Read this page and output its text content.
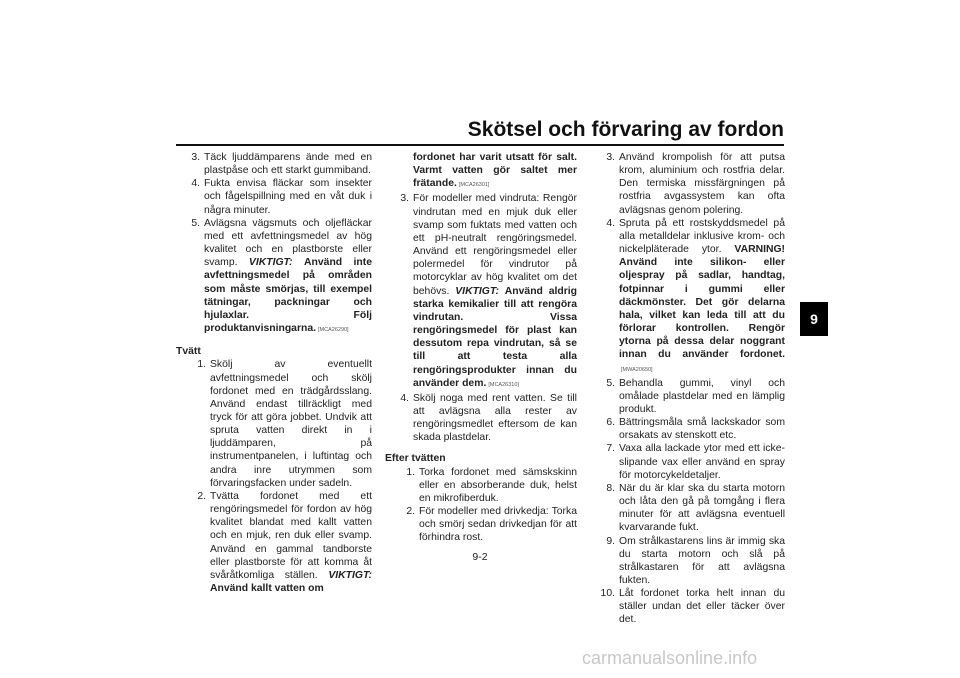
Skötsel och förvaring av fordon
9
3. Täck ljuddämparens ände med en plastpåse och ett starkt gummiband.
4. Fukta envisa fläckar som insekter och fågelspillning med en våt duk i några minuter.
5. Avlägsna vägsmuts och oljefläckar med ett avfettningsmedel av hög kvalitet och en plastborste eller svamp. VIKTIGT: Använd inte avfettningsmedel på områden som måste smörjas, till exempel tätningar, packningar och hjulaxlar. Följ produktanvisningarna. [MCA26290]
Tvätt
1. Skölj av eventuellt avfettningsmedel och skölj fordonet med en trädgårdsslang. Använd endast tillräckligt med tryck för att göra jobbet. Undvik att spruta vatten direkt in i ljuddämparen, på instrumentpanelen, i luftintag och andra inre utrymmen som förvaringsfacken under sadeln.
2. Tvätta fordonet med ett rengöringsmedel för fordon av hög kvalitet blandat med kallt vatten och en mjuk, ren duk eller svamp. Använd en gammal tandborste eller plastborste för att komma åt svåråtkomliga ställen. VIKTIGT: Använd kallt vatten om
fordonet har varit utsatt för salt. Varmt vatten gör saltet mer frätande. [MCA26301]
3. För modeller med vindruta: Rengör vindrutan med en mjuk duk eller svamp som fuktats med vatten och ett pH-neutralt rengöringsmedel. Använd ett rengöringsmedel eller polermedel för vindrutor på motorcyklar av hög kvalitet om det behövs. VIKTIGT: Använd aldrig starka kemikalier till att rengöra vindrutan. Vissa rengöringsmedel för plast kan dessutom repa vindrutan, så se till att testa alla rengöringsprodukter innan du använder dem. [MCA26310]
4. Skölj noga med rent vatten. Se till att avlägsna alla rester av rengöringsmedlet eftersom de kan skada plastdelar.
Efter tvätten
1. Torka fordonet med sämskskinn eller en absorberande duk, helst en mikrofiberduk.
2. För modeller med drivkedja: Torka och smörj sedan drivkedjan för att förhindra rost.
3. Använd krompolish för att putsa krom, aluminium och rostfria delar. Den termiska missfärgningen på rostfria avgassystem kan ofta avlägsnas genom polering.
4. Spruta på ett rostskyddsmedel på alla metalldelar inklusive krom- och nickelpläterade ytor. VARNING! Använd inte silikon- eller oljespray på sadlar, handtag, fotpinnar i gummi eller däckmönster. Det gör delarna hala, vilket kan leda till att du förlorar kontrollen. Rengör ytorna på dessa delar noggrant innan du använder fordonet.[MWA20650]
5. Behandla gummi, vinyl och omålade plastdelar med en lämplig produkt.
6. Bättringsmåla små lackskador som orsakats av stenskott etc.
7. Vaxa alla lackade ytor med ett icke-slipande vax eller använd en spray för motorcykeldetaljer.
8. När du är klar ska du starta motorn och låta den gå på tomgång i flera minuter för att avlägsna eventuell kvarvarande fukt.
9. Om strålkastarens lins är immig ska du starta motorn och slå på strålkastaren för att avlägsna fukten.
10. Låt fordonet torka helt innan du ställer undan det eller täcker över det.
9-2
carmanualsonline.info
